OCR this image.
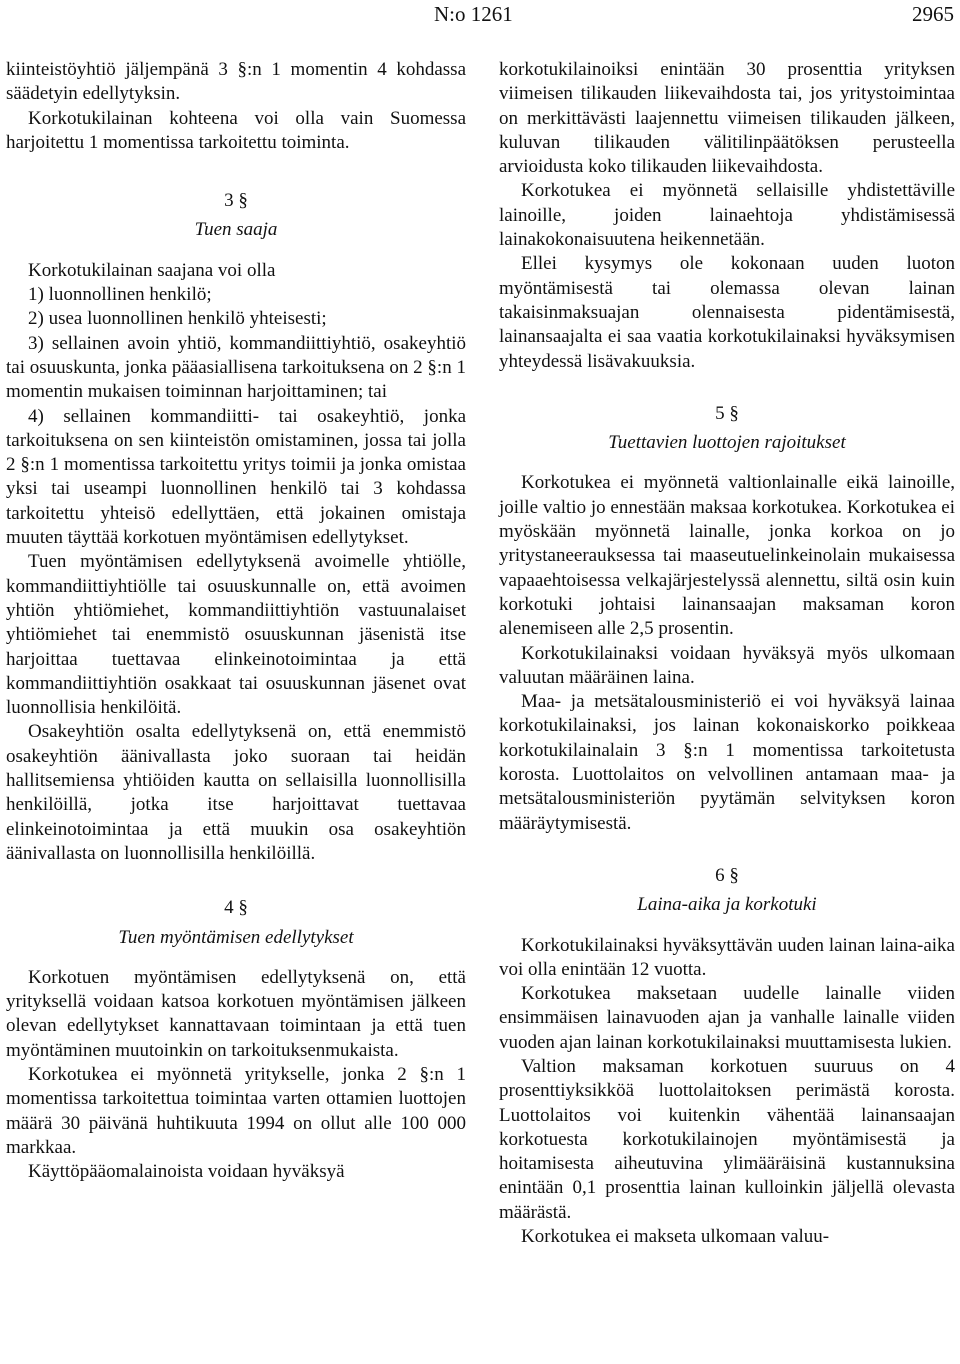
N:o 1261	2965

kiinteistöyhtiö jäljempänä 3 §:n 1 momentin 4 kohdassa säädetyin edellytyksin.

Korkotukilainan kohteena voi olla vain Suomessa harjoitettu 1 momentissa tarkoitettu toiminta.

3 §
Tuen saaja

Korkotukilainan saajana voi olla

1) luonnollinen henkilö;

2) usea luonnollinen henkilö yhteisesti;

3) sellainen avoin yhtiö, kommandiittiyhtiö, osakeyhtiö tai osuuskunta, jonka pääasiallisena tarkoituksena on 2 §:n 1 momentin mukaisen toiminnan harjoittaminen; tai

4) sellainen kommandiitti- tai osakeyhtiö, jonka tarkoituksena on sen kiinteistön omistaminen, jossa tai jolla 2 §:n 1 momentissa tarkoitettu yritys toimii ja jonka omistaa yksi tai useampi luonnollinen henkilö tai 3 kohdassa tarkoitettu yhteisö edellyttäen, että jokainen omistaja muuten täyttää korkotuen myöntämisen edellytykset.

Tuen myöntämisen edellytyksenä avoimelle yhtiölle, kommandiittiyhtiölle tai osuuskunnalle on, että avoimen yhtiön yhtiömiehet, kommandiittiyhtiön vastuunalaiset yhtiömiehet tai enemmistö osuuskunnan jäsenistä itse harjoittaa tuettavaa elinkeinotoimintaa ja että kommandiittiyhtiön osakkaat tai osuuskunnan jäsenet ovat luonnollisia henkilöitä.

Osakeyhtiön osalta edellytyksenä on, että enemmistö osakeyhtiön äänivallasta joko suoraan tai heidän hallitsemiensa yhtiöiden kautta on sellaisilla luonnollisilla henkilöillä, jotka itse harjoittavat tuettavaa elinkeinotoimintaa ja että muukin osa osakeyhtiön äänivallasta on luonnollisilla henkilöillä.

4 §
Tuen myöntämisen edellytykset

Korkotuen myöntämisen edellytyksenä on, että yrityksellä voidaan katsoa korkotuen myöntämisen jälkeen olevan edellytykset kannattavaan toimintaan ja että tuen myöntäminen muutoinkin on tarkoituksenmukaista.

Korkotukea ei myönnetä yritykselle, jonka 2 §:n 1 momentissa tarkoitettua toimintaa varten ottamien luottojen määrä 30 päivänä huhtikuuta 1994 on ollut alle 100 000 markkaa.

Käyttöpääomalainoista voidaan hyväksyä

korkotukilainoiksi enintään 30 prosenttia yrityksen viimeisen tilikauden liikevaihdosta tai, jos yritystoimintaa on merkittävästi laajennettu viimeisen tilikauden jälkeen, kuluvan tilikauden välitilinpäätöksen perusteella arvioidusta koko tilikauden liikevaihdosta.

Korkotukea ei myönnetä sellaisille yhdistettäville lainoille, joiden lainaehtoja yhdistämisessä lainakokonaisuutena heikennetään.

Ellei kysymys ole kokonaan uuden luoton myöntämisestä tai olemassa olevan lainan takaisinmaksuajan olennaisesta pidentämisestä, lainansaajalta ei saa vaatia korkotukilainaksi hyväksymisen yhteydessä lisävakuuksia.

5 §
Tuettavien luottojen rajoitukset

Korkotukea ei myönnetä valtionlainalle eikä lainoille, joille valtio jo ennestään maksaa korkotukea. Korkotukea ei myöskään myönnetä lainalle, jonka korkoa on jo yritystaneerauksessa tai maaseutuelinkeinolain mukaisessa vapaaehtoisessa velkajärjestelyssä alennettu, siltä osin kuin korkotuki johtaisi lainansaajan maksaman koron alenemiseen alle 2,5 prosentin.

Korkotukilainaksi voidaan hyväksyä myös ulkomaan valuutan määräinen laina.

Maa- ja metsätalousministeriö ei voi hyväksyä lainaa korkotukilainaksi, jos lainan kokonaiskorko poikkeaa korkotukilainalain 3 §:n 1 momentissa tarkoitetusta korosta. Luottolaitos on velvollinen antamaan maa- ja metsätalousministeriön pyytämän selvityksen koron määräytymisestä.

6 §
Laina-aika ja korkotuki

Korkotukilainaksi hyväksyttävän uuden lainan laina-aika voi olla enintään 12 vuotta.

Korkotukea maksetaan uudelle lainalle viiden ensimmäisen lainavuoden ajan ja vanhalle lainalle viiden vuoden ajan lainan korkotukilainaksi muuttamisesta lukien.

Valtion maksaman korkotuen suuruus on 4 prosenttiyksikköä luottolaitoksen perimästä korosta. Luottolaitos voi kuitenkin vähentää lainansaajan korkotuesta korkotukilainojen myöntämisestä ja hoitamisesta aiheutuvina ylimääräisinä kustannuksina enintään 0,1 prosenttia lainan kulloinkin jäljellä olevasta määrästä.

Korkotukea ei makseta ulkomaan valuu-
